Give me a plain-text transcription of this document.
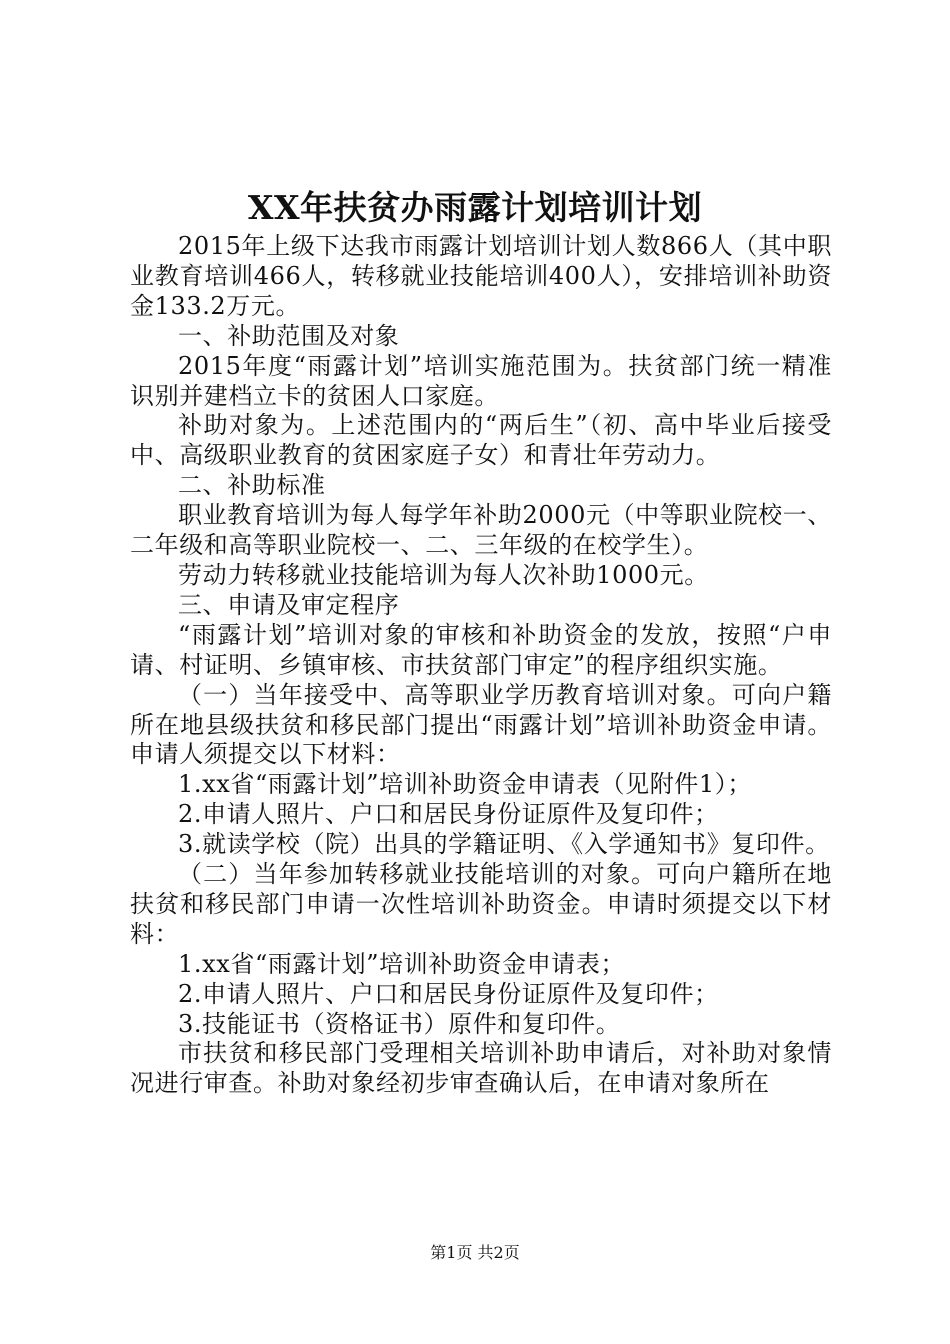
XX年扶贫办雨露计划培训计划

2015年上级下达我市雨露计划培训计划人数866人（其中职业教育培训466人，转移就业技能培训400人），安排培训补助资金133.2万元。

一、补助范围及对象

2015年度“雨露计划”培训实施范围为。扶贫部门统一精准识别并建档立卡的贫困人口家庭。

补助对象为。上述范围内的“两后生”（初、高中毕业后接受中、高级职业教育的贫困家庭子女）和青壮年劳动力。

二、补助标准

职业教育培训为每人每学年补助2000元（中等职业院校一、二年级和高等职业院校一、二、三年级的在校学生）。

劳动力转移就业技能培训为每人次补助1000元。

三、申请及审定程序

“雨露计划”培训对象的审核和补助资金的发放，按照“户申请、村证明、乡镇审核、市扶贫部门审定”的程序组织实施。

（一）当年接受中、高等职业学历教育培训对象。可向户籍所在地县级扶贫和移民部门提出“雨露计划”培训补助资金申请。申请人须提交以下材料：

1.xx省“雨露计划”培训补助资金申请表（见附件1）；

2.申请人照片、户口和居民身份证原件及复印件；

3.就读学校（院）出具的学籍证明、《入学通知书》复印件。

（二）当年参加转移就业技能培训的对象。可向户籍所在地扶贫和移民部门申请一次性培训补助资金。申请时须提交以下材料：

1.xx省“雨露计划”培训补助资金申请表；

2.申请人照片、户口和居民身份证原件及复印件；

3.技能证书（资格证书）原件和复印件。

市扶贫和移民部门受理相关培训补助申请后，对补助对象情况进行审查。补助对象经初步审查确认后，在申请对象所在

第1页 共2页
